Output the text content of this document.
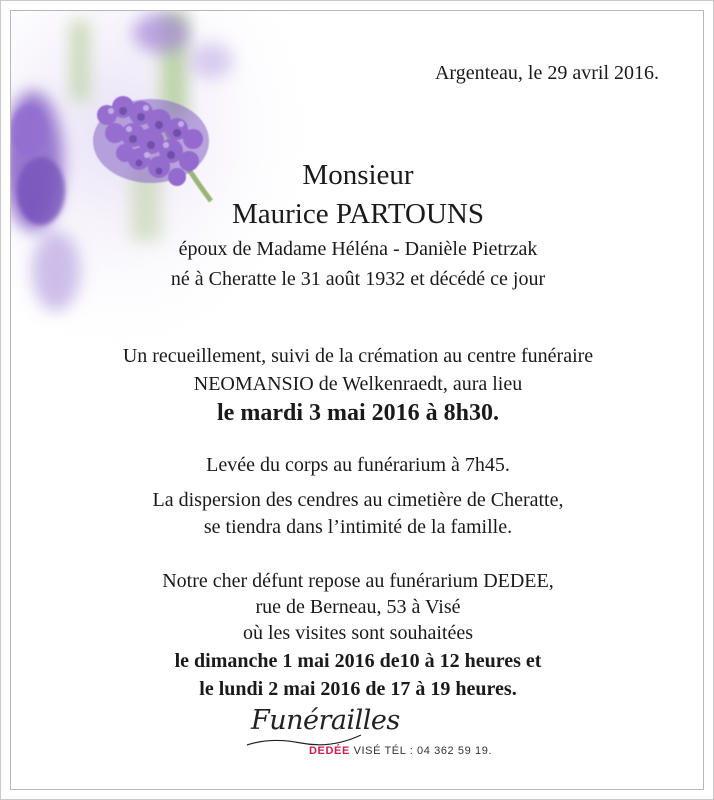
Argenteau, le 29 avril 2016.
Monsieur
Maurice PARTOUNS
époux de Madame Héléna - Danièle Pietrzak
né à Cheratte le 31 août 1932 et décédé ce jour
Un recueillement, suivi de la crémation au centre funéraire
NEOMANSIO de Welkenraedt, aura lieu
le mardi 3 mai 2016 à 8h30.
Levée du corps au funérarium à 7h45.
La dispersion des cendres au cimetière de Cheratte,
se tiendra dans l’intimité de la famille.
Notre cher défunt repose au funérarium DEDEE,
rue de Berneau, 53 à Visé
où les visites sont souhaitées
le dimanche 1 mai 2016 de10 à 12 heures et
le lundi 2 mai 2016 de 17 à 19 heures.
Funérailles
DEDÉE VISÉ TÉL : 04 362 59 19.
